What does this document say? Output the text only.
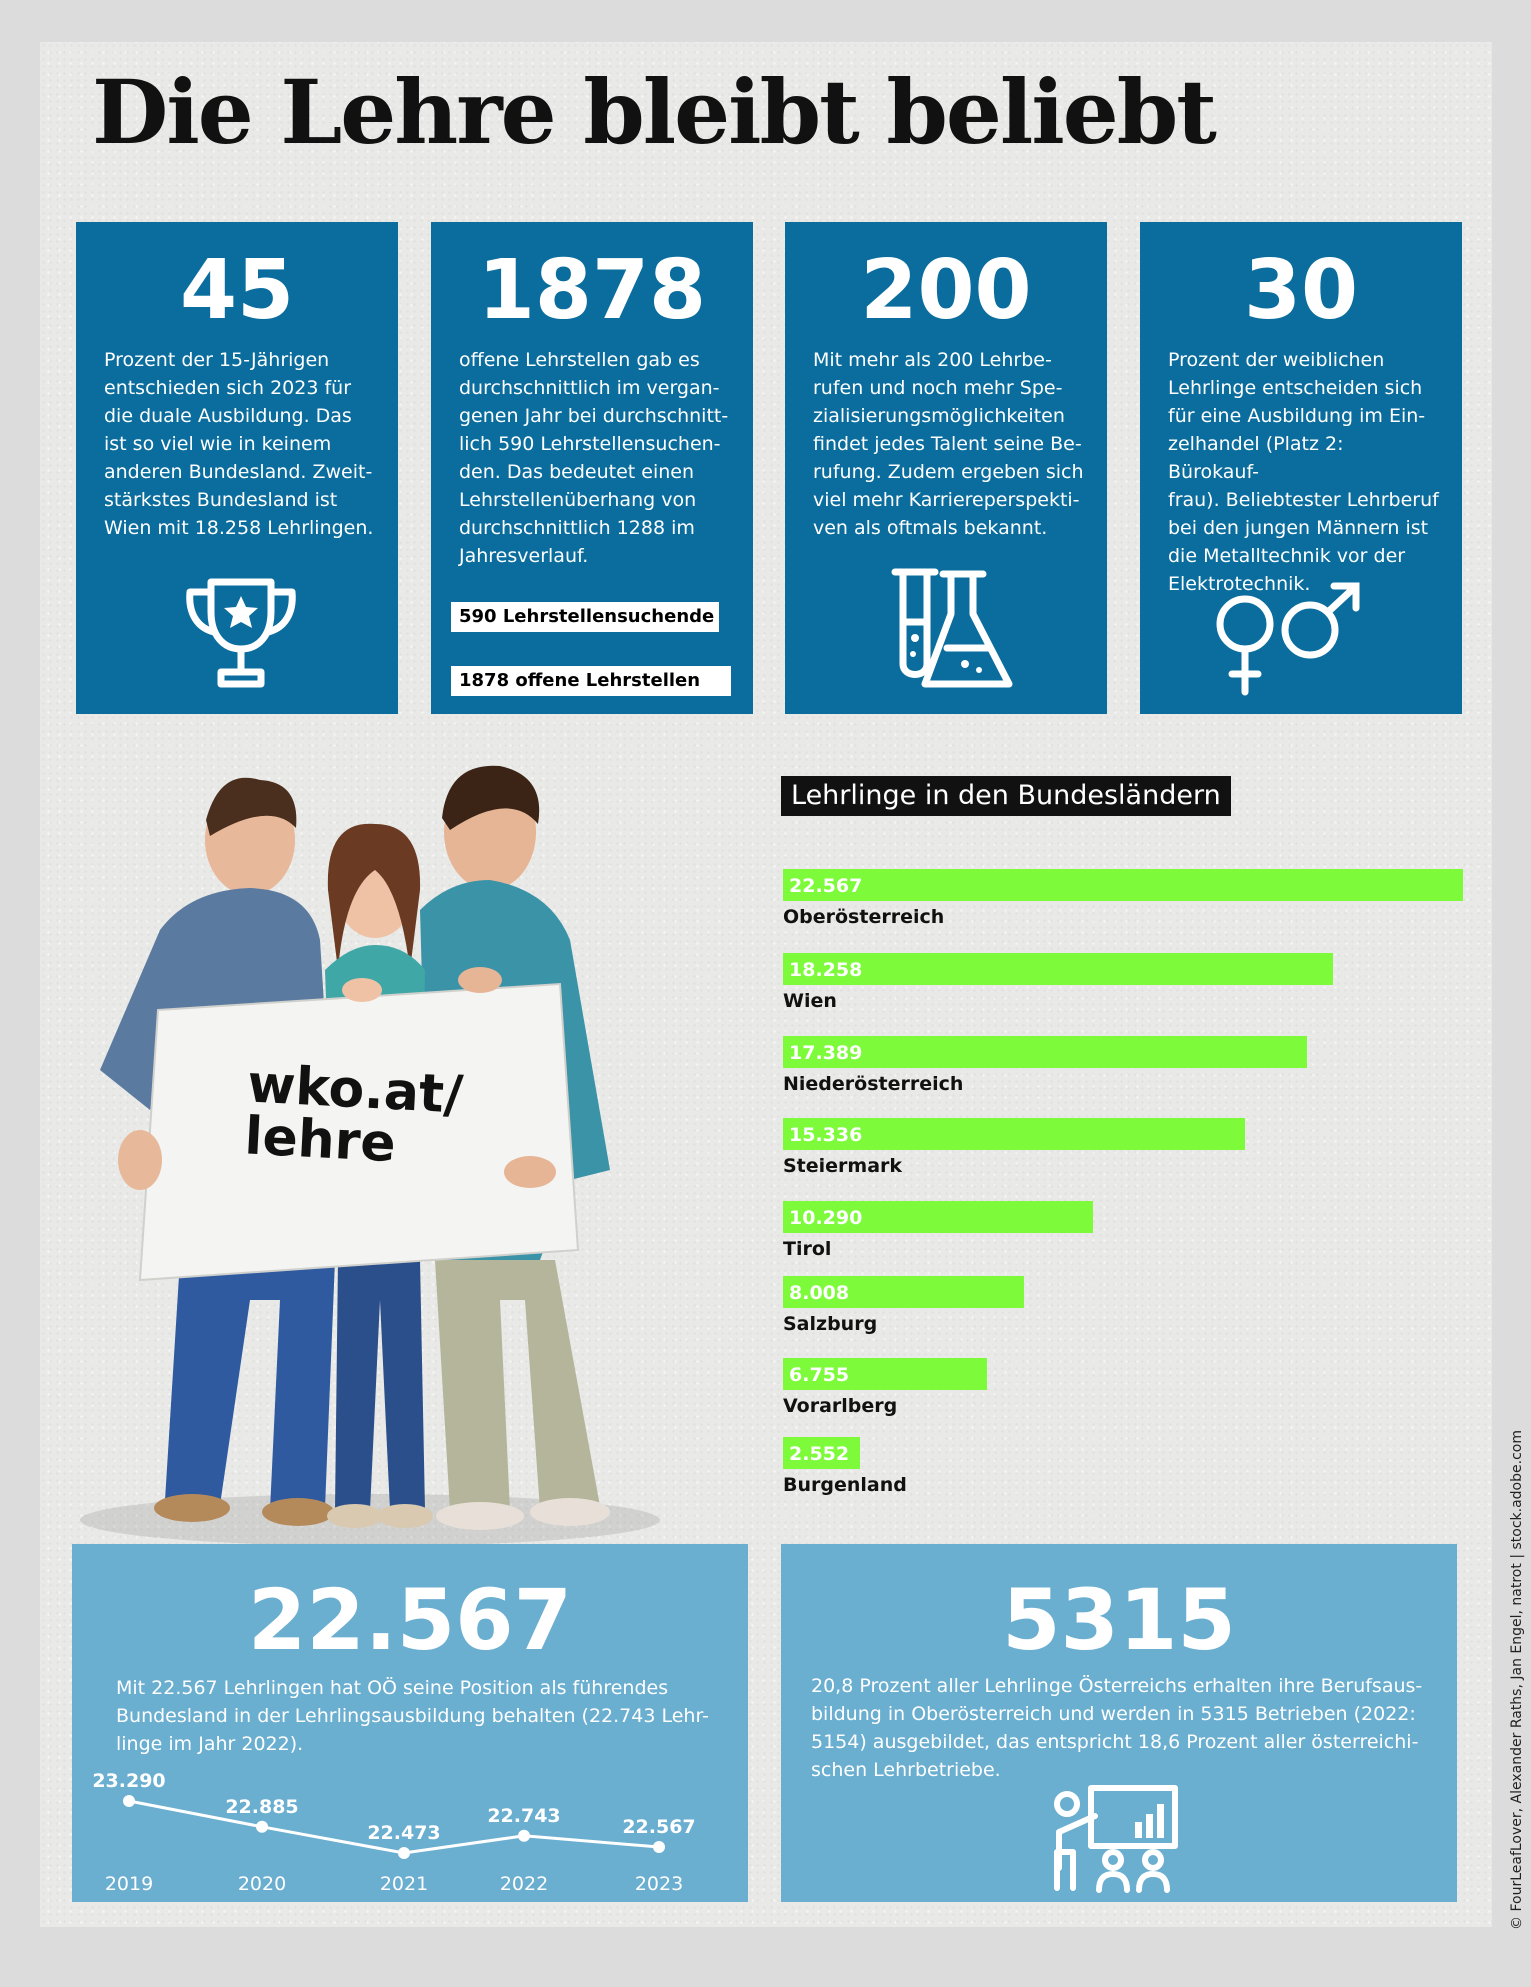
Die Lehre bleibt beliebt
45
Prozent der 15-Jährigen
entschieden sich 2023 für
die duale Ausbildung. Das
ist so viel wie in keinem
anderen Bundesland. Zweit-
stärkstes Bundesland ist
Wien mit 18.258 Lehrlingen.
1878
offene Lehrstellen gab es
durchschnittlich im vergan-
genen Jahr bei durchschnitt-
lich 590 Lehrstellensuchen-
den. Das bedeutet einen
Lehrstellenüberhang von
durchschnittlich 1288 im
Jahresverlauf.
590 Lehrstellensuchende
1878 offene Lehrstellen
200
Mit mehr als 200 Lehrbe-
rufen und noch mehr Spe-
zialisierungsmöglichkeiten
findet jedes Talent seine Be-
rufung. Zudem ergeben sich
viel mehr Karriereperspekti-
ven als oftmals bekannt.
30
Prozent der weiblichen
Lehrlinge entscheiden sich
für eine Ausbildung im Ein-
zelhandel (Platz 2: Bürokauf-
frau). Beliebtester Lehrberuf
bei den jungen Männern ist
die Metalltechnik vor der
Elektrotechnik.
wko.at/
lehre
Lehrlinge in den Bundesländern
22.567
Oberösterreich
18.258
Wien
17.389
Niederösterreich
15.336
Steiermark
10.290
Tirol
8.008
Salzburg
6.755
Vorarlberg
2.552
Burgenland
22.567
Mit 22.567 Lehrlingen hat OÖ seine Position als führendes
Bundesland in der Lehrlingsausbildung behalten (22.743 Lehr-
linge im Jahr 2022).
23.290
2019
22.885
2020
22.473
2021
22.743
2022
22.567
2023
5315
20,8 Prozent aller Lehrlinge Österreichs erhalten ihre Berufsaus-
bildung in Oberösterreich und werden in 5315 Betrieben (2022:
5154) ausgebildet, das entspricht 18,6 Prozent aller österreichi-
schen Lehrbetriebe.	© FourLeafLover, Alexander Raths, Jan Engel, natrot | stock.adobe.com
